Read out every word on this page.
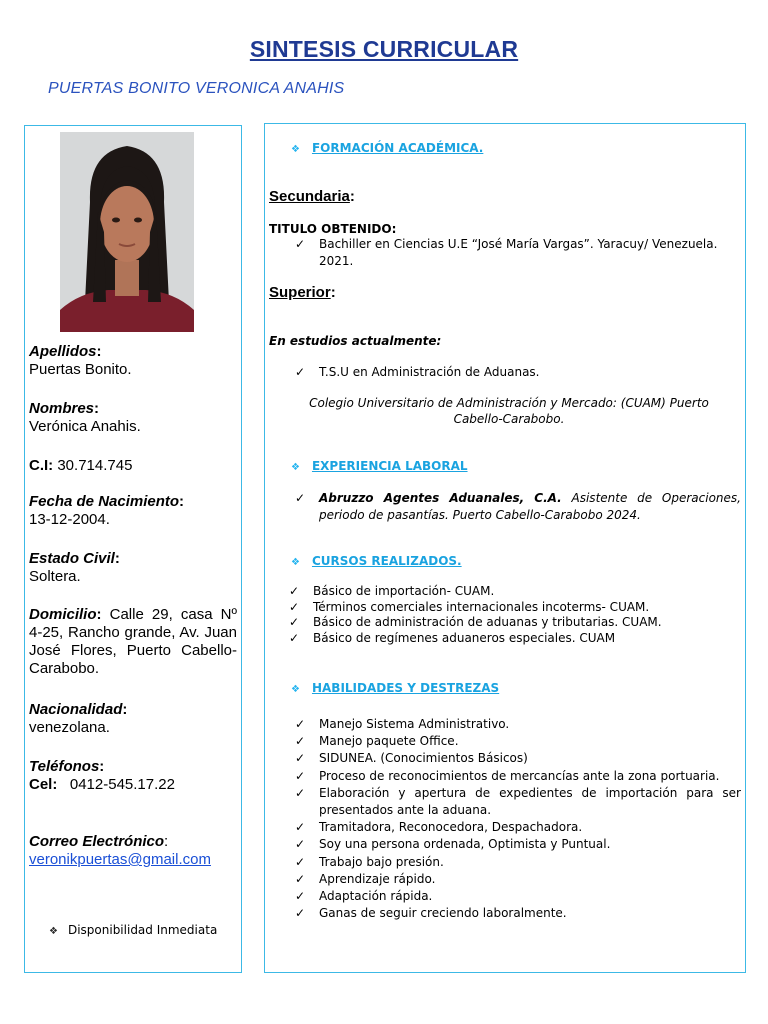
SINTESIS CURRICULAR
PUERTAS BONITO VERONICA ANAHIS
Apellidos:
Puertas Bonito.
Nombres:
Verónica Anahis.
C.I: 30.714.745
Fecha de Nacimiento:
13-12-2004.
Estado Civil:
Soltera.
Domicilio: Calle 29, casa Nº 4-25, Rancho grande, Av. Juan José Flores, Puerto Cabello-Carabobo.
Nacionalidad:
venezolana.
Teléfonos:
Cel: 0412-545.17.22
Correo Electrónico:
veronikpuertas@gmail.com
❖ Disponibilidad Inmediata
❖ FORMACIÓN ACADÉMICA.
Secundaria:
TITULO OBTENIDO:
✓ Bachiller en Ciencias U.E “José María Vargas”. Yaracuy/ Venezuela. 2021.
Superior:
En estudios actualmente:
✓ T.S.U en Administración de Aduanas.
Colegio Universitario de Administración y Mercado: (CUAM) Puerto Cabello-Carabobo.
❖ EXPERIENCIA LABORAL
✓ Abruzzo Agentes Aduanales, C.A. Asistente de Operaciones, periodo de pasantías. Puerto Cabello-Carabobo 2024.
❖ CURSOS REALIZADOS.
✓ Básico de importación- CUAM.
✓ Términos comerciales internacionales incoterms- CUAM.
✓ Básico de administración de aduanas y tributarias. CUAM.
✓ Básico de regímenes aduaneros especiales. CUAM
❖ HABILIDADES Y DESTREZAS
✓ Manejo Sistema Administrativo.
✓ Manejo paquete Office.
✓ SIDUNEA. (Conocimientos Básicos)
✓ Proceso de reconocimientos de mercancías ante la zona portuaria.
✓ Elaboración y apertura de expedientes de importación para ser presentados ante la aduana.
✓ Tramitadora, Reconocedora, Despachadora.
✓ Soy una persona ordenada, Optimista y Puntual.
✓ Trabajo bajo presión.
✓ Aprendizaje rápido.
✓ Adaptación rápida.
✓ Ganas de seguir creciendo laboralmente.
